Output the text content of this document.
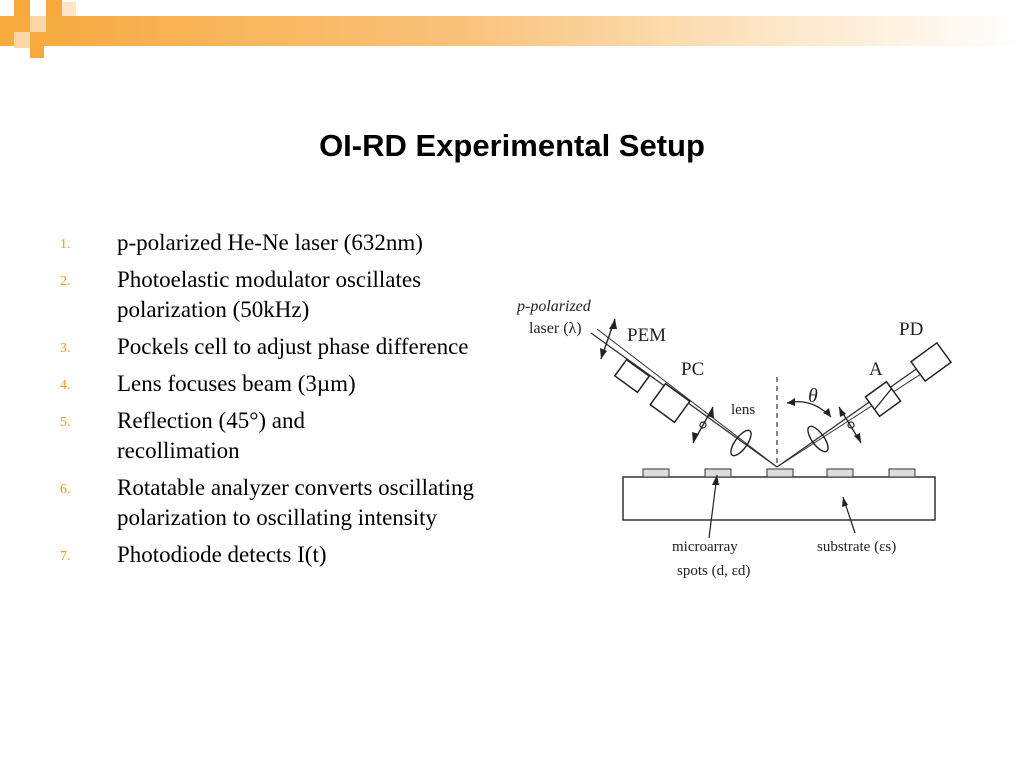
OI-RD Experimental Setup
1.	p-polarized He-Ne laser (632nm)
2.	Photoelastic modulator oscillates polarization (50kHz)
3.	Pockels cell to adjust phase difference
4.	Lens focuses beam (3µm)
5.	Reflection (45°) and recollimation
6.	Rotatable analyzer converts oscillating polarization to oscillating intensity
7.	Photodiode detects I(t)
p-polarized
laser (λ) PEM
PC
lens
θ
A
PD
microarray
spots (d, εd)
substrate (εs)
